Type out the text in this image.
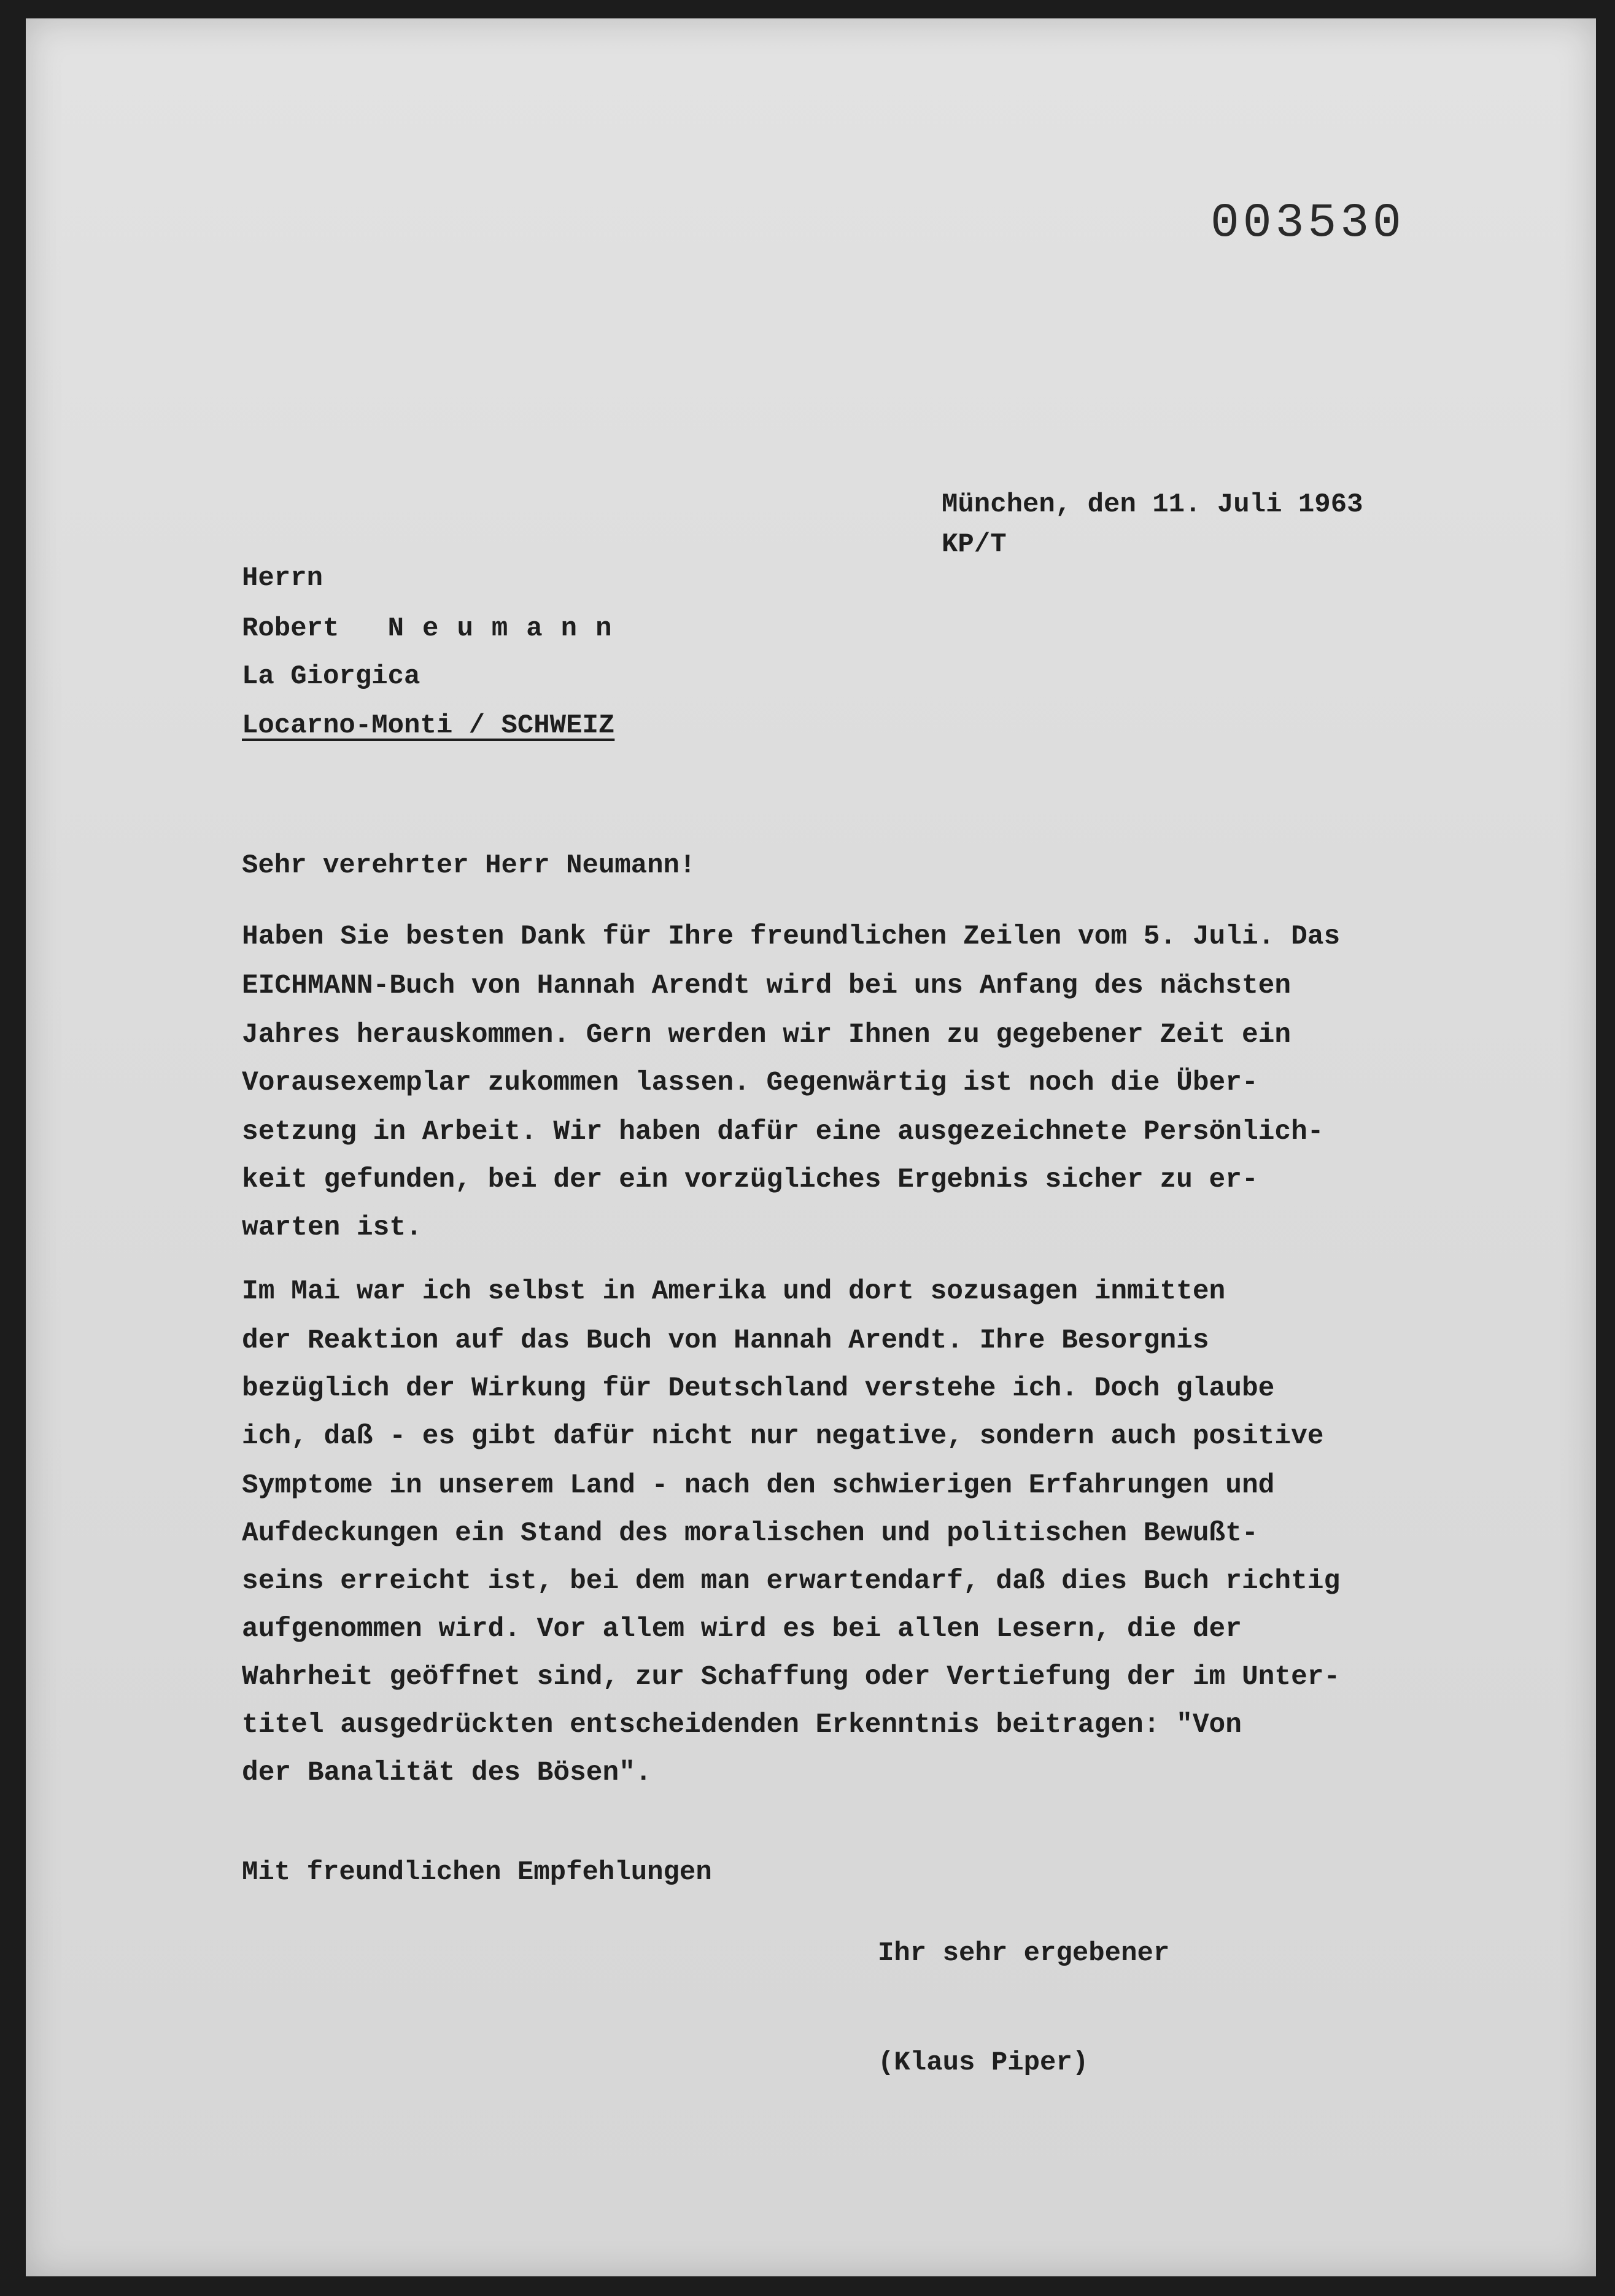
003530
München, den 11. Juli 1963
KP/T
Herrn
Robert Neumann
La Giorgica
Locarno-Monti / SCHWEIZ
Sehr verehrter Herr Neumann!
Haben Sie besten Dank für Ihre freundlichen Zeilen vom 5. Juli. Das
EICHMANN-Buch von Hannah Arendt wird bei uns Anfang des nächsten
Jahres herauskommen. Gern werden wir Ihnen zu gegebener Zeit ein
Vorausexemplar zukommen lassen. Gegenwärtig ist noch die Über-
setzung in Arbeit. Wir haben dafür eine ausgezeichnete Persönlich-
keit gefunden, bei der ein vorzügliches Ergebnis sicher zu er-
warten ist.
Im Mai war ich selbst in Amerika und dort sozusagen inmitten
der Reaktion auf das Buch von Hannah Arendt. Ihre Besorgnis
bezüglich der Wirkung für Deutschland verstehe ich. Doch glaube
ich, daß - es gibt dafür nicht nur negative, sondern auch positive
Symptome in unserem Land - nach den schwierigen Erfahrungen und
Aufdeckungen ein Stand des moralischen und politischen Bewußt-
seins erreicht ist, bei dem man erwartendarf, daß dies Buch richtig
aufgenommen wird. Vor allem wird es bei allen Lesern, die der
Wahrheit geöffnet sind, zur Schaffung oder Vertiefung der im Unter-
titel ausgedrückten entscheidenden Erkenntnis beitragen: "Von
der Banalität des Bösen".
Mit freundlichen Empfehlungen
Ihr sehr ergebener
(Klaus Piper)
